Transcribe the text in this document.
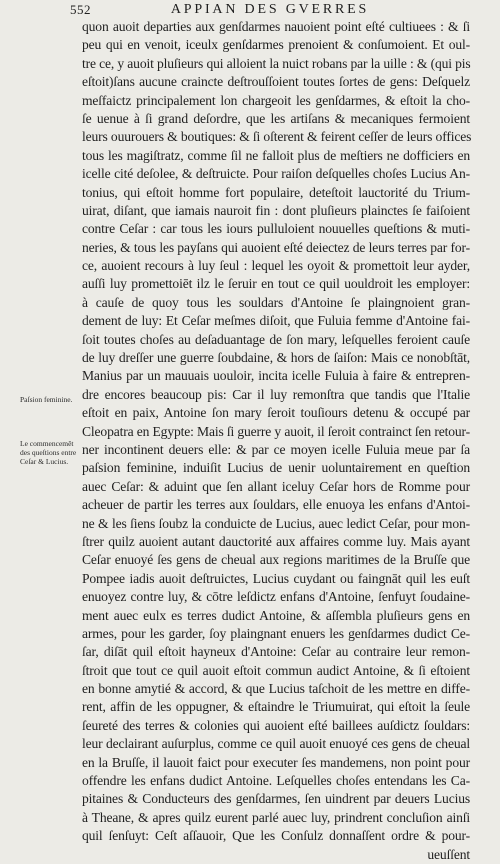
552	APPIAN DES GVERRES
Paſsion feminine.
Le commencemẽt des queſtions entre Ceſar & Lucius.
quon auoit departies aux genſdarmes nauoient point eſté cultiuees : & ſi
peu qui en venoit, iceulx genſdarmes prenoient & conſumoient. Et oul-
tre ce, y auoit pluſieurs qui alloient la nuict robans par la uille : & (qui pis
eſtoit)ſans aucune craincte deſtrouſſoient toutes ſortes de gens: Deſquelz
meſfaictz principalement lon chargeoit les genſdarmes, & eſtoit la cho-
ſe uenue à ſi grand deſordre, que les artiſans & mecaniques fermoient
leurs ouurouers & boutiques: & ſi oſterent & feirent ceſſer de leurs offices
tous les magiſtratz, comme ſil ne falloit plus de meſtiers ne dofficiers en
icelle cité deſolee, & deſtruicte. Pour raiſon deſquelles choſes Lucius An-
tonius, qui eſtoit homme fort populaire, deteſtoit lauctorité du Trium-
uirat, diſant, que iamais nauroit fin : dont pluſieurs plainctes ſe faiſoient
contre Ceſar : car tous les iours pulluloient nouuelles queſtions & muti-
neries, & tous les payſans qui auoient eſté deiectez de leurs terres par for-
ce, auoient recours à luy ſeul : lequel les oyoit & promettoit leur ayder,
auſſi luy promettoiēt ilz le ſeruir en tout ce quil uouldroit les employer:
à cauſe de quoy tous les souldars d'Antoine ſe plaingnoient gran-
dement de luy: Et Ceſar meſmes diſoit, que Fuluia femme d'Antoine fai-
ſoit toutes choſes au deſaduantage de ſon mary, leſquelles feroient cauſe
de luy dreſſer une guerre ſoubdaine, & hors de ſaiſon: Mais ce nonobſtāt,
Manius par un mauuais uouloir, incita icelle Fuluia à faire & entrepren-
dre encores beaucoup pis: Car il luy remonſtra que tandis que l'Italie
eſtoit en paix, Antoine ſon mary ſeroit touſiours detenu & occupé par
Cleopatra en Egypte: Mais ſi guerre y auoit, il ſeroit contrainct ſen retour-
ner incontinent deuers elle: & par ce moyen icelle Fuluia meue par ſa
paſsion feminine, induiſit Lucius de uenir uoluntairement en queſtion
auec Ceſar: & aduint que ſen allant iceluy Ceſar hors de Romme pour
acheuer de partir les terres aux ſouldars, elle enuoya les enfans d'Antoi-
ne & les ſiens ſoubz la conduicte de Lucius, auec ledict Ceſar, pour mon-
ſtrer quilz auoient autant dauctorité aux affaires comme luy. Mais ayant
Ceſar enuoyé ſes gens de cheual aux regions maritimes de la Bruſſe que
Pompee iadis auoit deſtruictes, Lucius cuydant ou faingnāt quil les euſt
enuoyez contre luy, & cōtre leſdictz enfans d'Antoine, ſenfuyt ſoudaine-
ment auec eulx es terres dudict Antoine, & aſſembla pluſieurs gens en
armes, pour les garder, ſoy plaingnant enuers les genſdarmes dudict Ce-
ſar, diſāt quil eſtoit hayneux d'Antoine: Ceſar au contraire leur remon-
ſtroit que tout ce quil auoit eſtoit commun audict Antoine, & ſi eſtoient
en bonne amytié & accord, & que Lucius taſchoit de les mettre en diffe-
rent, affin de les oppugner, & eſtaindre le Triumuirat, qui eſtoit la ſeule
ſeureté des terres & colonies qui auoient eſté baillees auſdictz ſouldars:
leur declairant auſurplus, comme ce quil auoit enuoyé ces gens de cheual
en la Bruſſe, il lauoit faict pour executer ſes mandemens, non point pour
offendre les enfans dudict Antoine. Leſquelles choſes entendans les Ca-
pitaines & Conducteurs des genſdarmes, ſen uindrent par deuers Lucius
à Theane, & apres quilz eurent parlé auec luy, prindrent concluſion ainſi
quil ſenſuyt: Ceſt aſſauoir, Que les Conſulz donnaſſent ordre & pour-
ueuſſent
